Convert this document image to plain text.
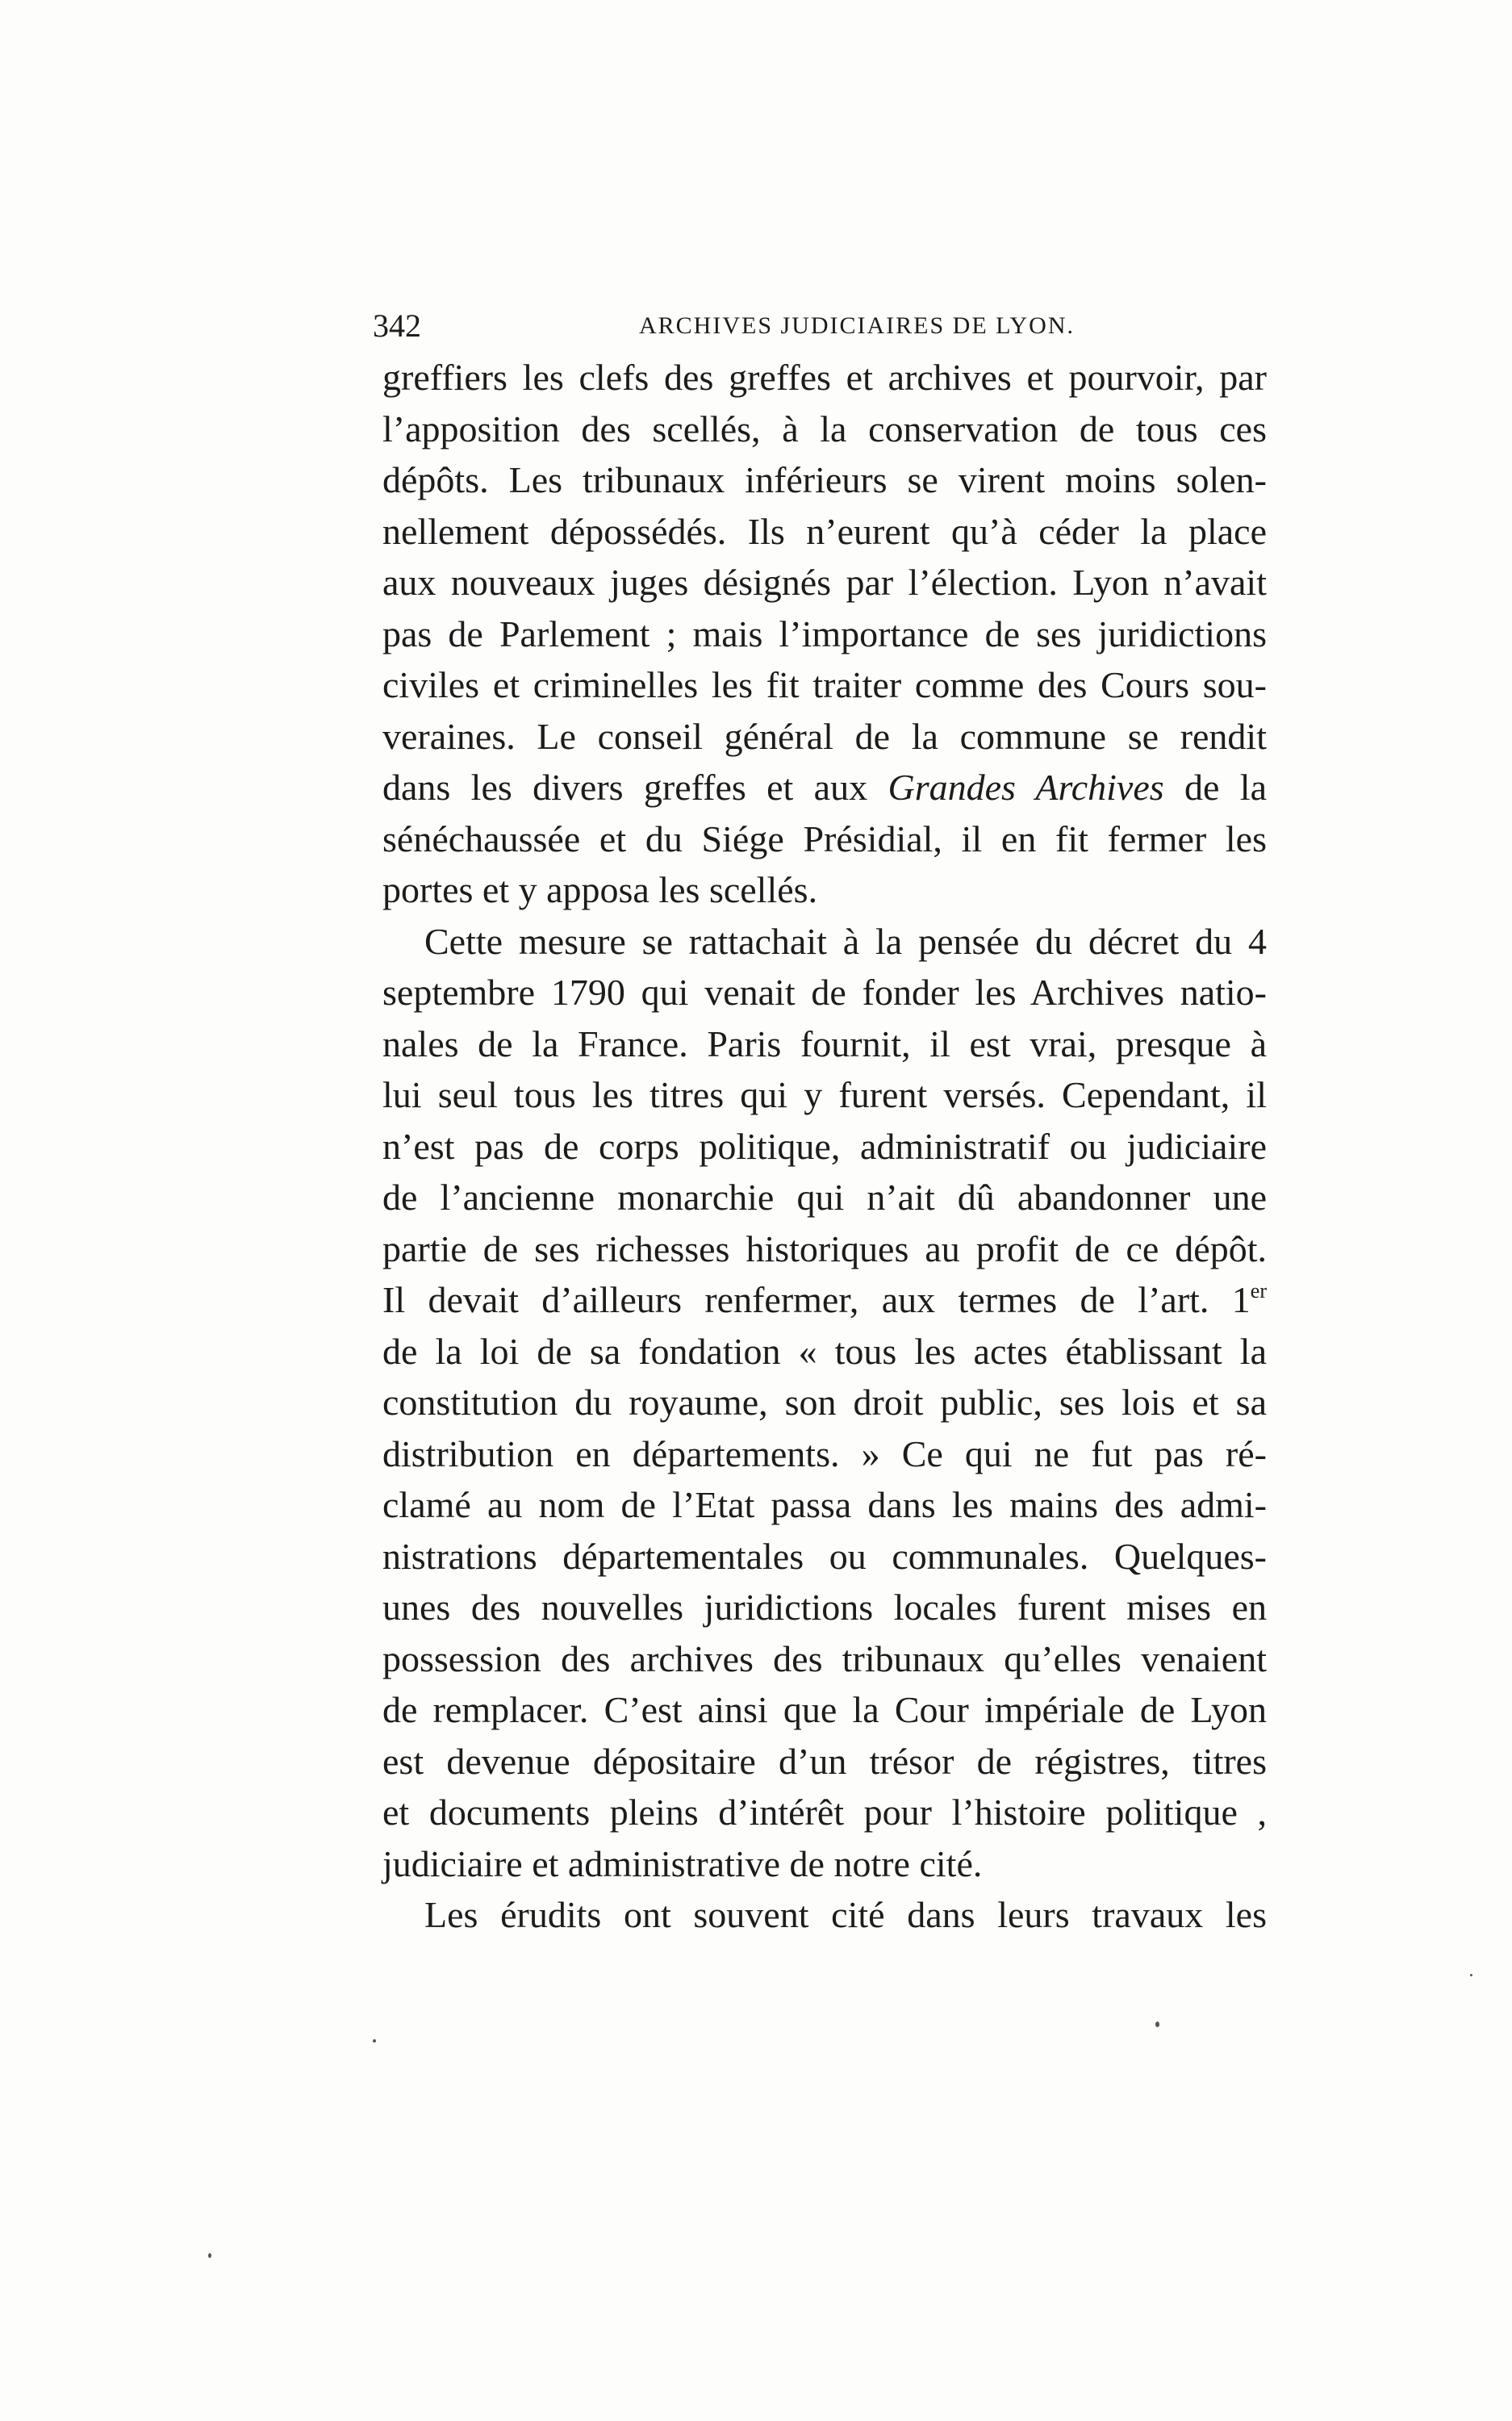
342	ARCHIVES JUDICIAIRES DE LYON.
greffiers les clefs des greffes et archives et pourvoir, par
l’apposition des scellés, à la conservation de tous ces
dépôts. Les tribunaux inférieurs se virent moins solen-
nellement dépossédés. Ils n’eurent qu’à céder la place
aux nouveaux juges désignés par l’élection. Lyon n’avait
pas de Parlement ; mais l’importance de ses juridictions
civiles et criminelles les fit traiter comme des Cours sou-
veraines. Le conseil général de la commune se rendit
dans les divers greffes et aux Grandes Archives de la
sénéchaussée et du Siége Présidial, il en fit fermer les
portes et y apposa les scellés.
Cette mesure se rattachait à la pensée du décret du 4
septembre 1790 qui venait de fonder les Archives natio-
nales de la France. Paris fournit, il est vrai, presque à
lui seul tous les titres qui y furent versés. Cependant, il
n’est pas de corps politique, administratif ou judiciaire
de l’ancienne monarchie qui n’ait dû abandonner une
partie de ses richesses historiques au profit de ce dépôt.
Il devait d’ailleurs renfermer, aux termes de l’art. 1er
de la loi de sa fondation « tous les actes établissant la
constitution du royaume, son droit public, ses lois et sa
distribution en départements. » Ce qui ne fut pas ré-
clamé au nom de l’Etat passa dans les mains des admi-
nistrations départementales ou communales. Quelques-
unes des nouvelles juridictions locales furent mises en
possession des archives des tribunaux qu’elles venaient
de remplacer. C’est ainsi que la Cour impériale de Lyon
est devenue dépositaire d’un trésor de régistres, titres
et documents pleins d’intérêt pour l’histoire politique ,
judiciaire et administrative de notre cité.
Les érudits ont souvent cité dans leurs travaux les
